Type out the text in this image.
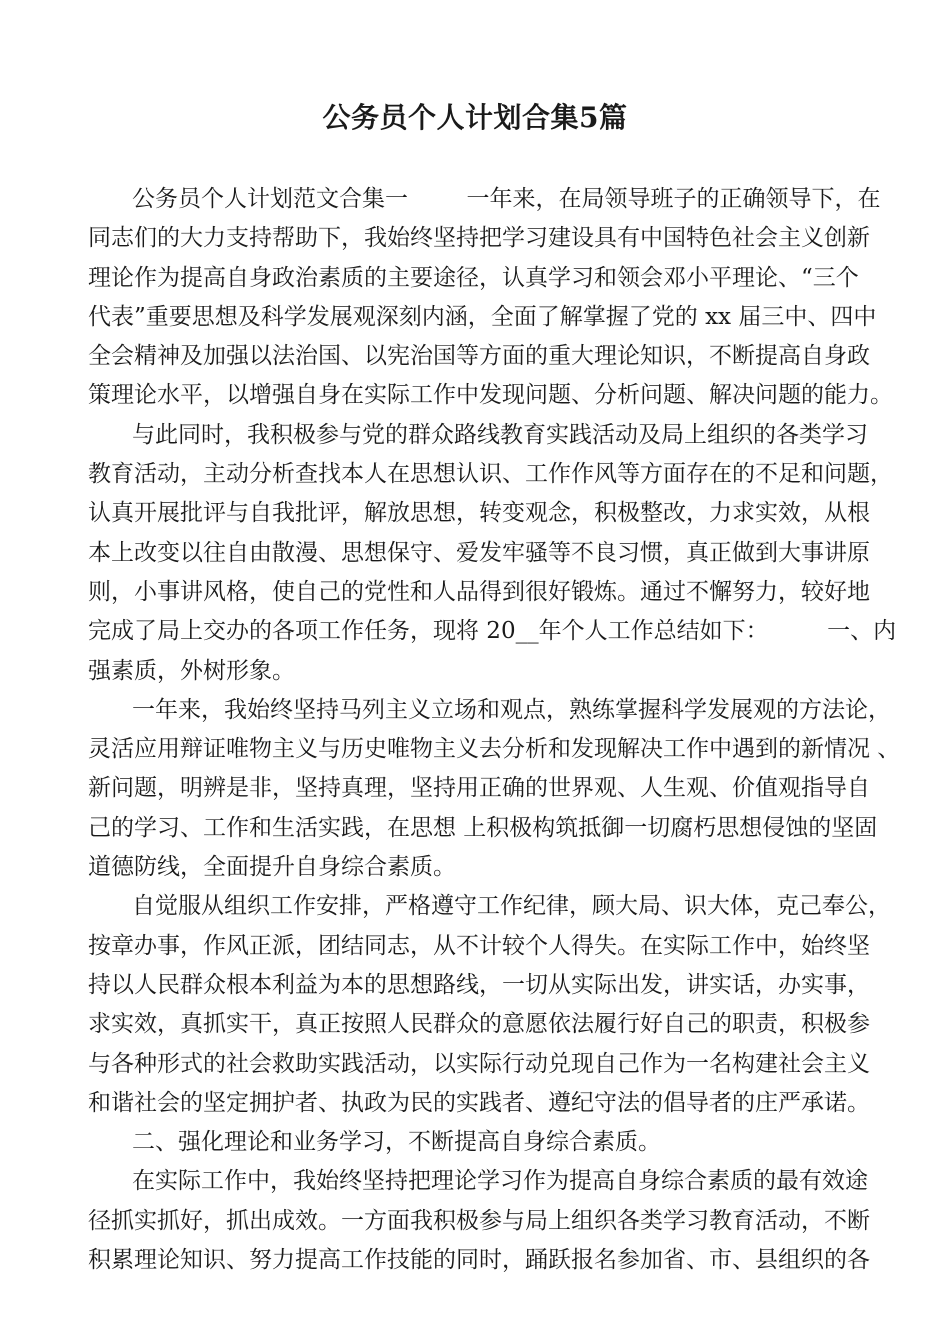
公务员个人计划合集5篇
公务员个人计划范文合集一        一年来，在局领导班子的正确领导下，在
同志们的大力支持帮助下，我始终坚持把学习建设具有中国特色社会主义创新
理论作为提高自身政治素质的主要途径，认真学习和领会邓小平理论、“三个
代表”重要思想及科学发展观深刻内涵，全面了解掌握了党的 xx 届三中、四中
全会精神及加强以法治国、以宪治国等方面的重大理论知识，不断提高自身政
策理论水平，以增强自身在实际工作中发现问题、分析问题、解决问题的能力。
与此同时，我积极参与党的群众路线教育实践活动及局上组织的各类学习
教育活动，主动分析查找本人在思想认识、工作作风等方面存在的不足和问题，
认真开展批评与自我批评，解放思想，转变观念，积极整改，力求实效，从根
本上改变以往自由散漫、思想保守、爱发牢骚等不良习惯，真正做到大事讲原
则，小事讲风格，使自己的党性和人品得到很好锻炼。通过不懈努力，较好地
完成了局上交办的各项工作任务，现将 20__年个人工作总结如下：        一、内
强素质，外树形象。
一年来，我始终坚持马列主义立场和观点，熟练掌握科学发展观的方法论，
灵活应用辩证唯物主义与历史唯物主义去分析和发现解决工作中遇到的新情况 、
新问题，明辨是非，坚持真理，坚持用正确的世界观、人生观、价值观指导自
己的学习、工作和生活实践，在思想 上积极构筑抵御一切腐朽思想侵蚀的坚固
道德防线，全面提升自身综合素质。
自觉服从组织工作安排，严格遵守工作纪律，顾大局、识大体，克己奉公，
按章办事，作风正派，团结同志，从不计较个人得失。在实际工作中，始终坚
持以人民群众根本利益为本的思想路线，一切从实际出发，讲实话，办实事，
求实效，真抓实干，真正按照人民群众的意愿依法履行好自己的职责，积极参
与各种形式的社会救助实践活动，以实际行动兑现自己作为一名构建社会主义
和谐社会的坚定拥护者、执政为民的实践者、遵纪守法的倡导者的庄严承诺。
二、强化理论和业务学习，不断提高自身综合素质。
在实际工作中，我始终坚持把理论学习作为提高自身综合素质的最有效途
径抓实抓好，抓出成效。一方面我积极参与局上组织各类学习教育活动，不断
积累理论知识、努力提高工作技能的同时，踊跃报名参加省、市、县组织的各
